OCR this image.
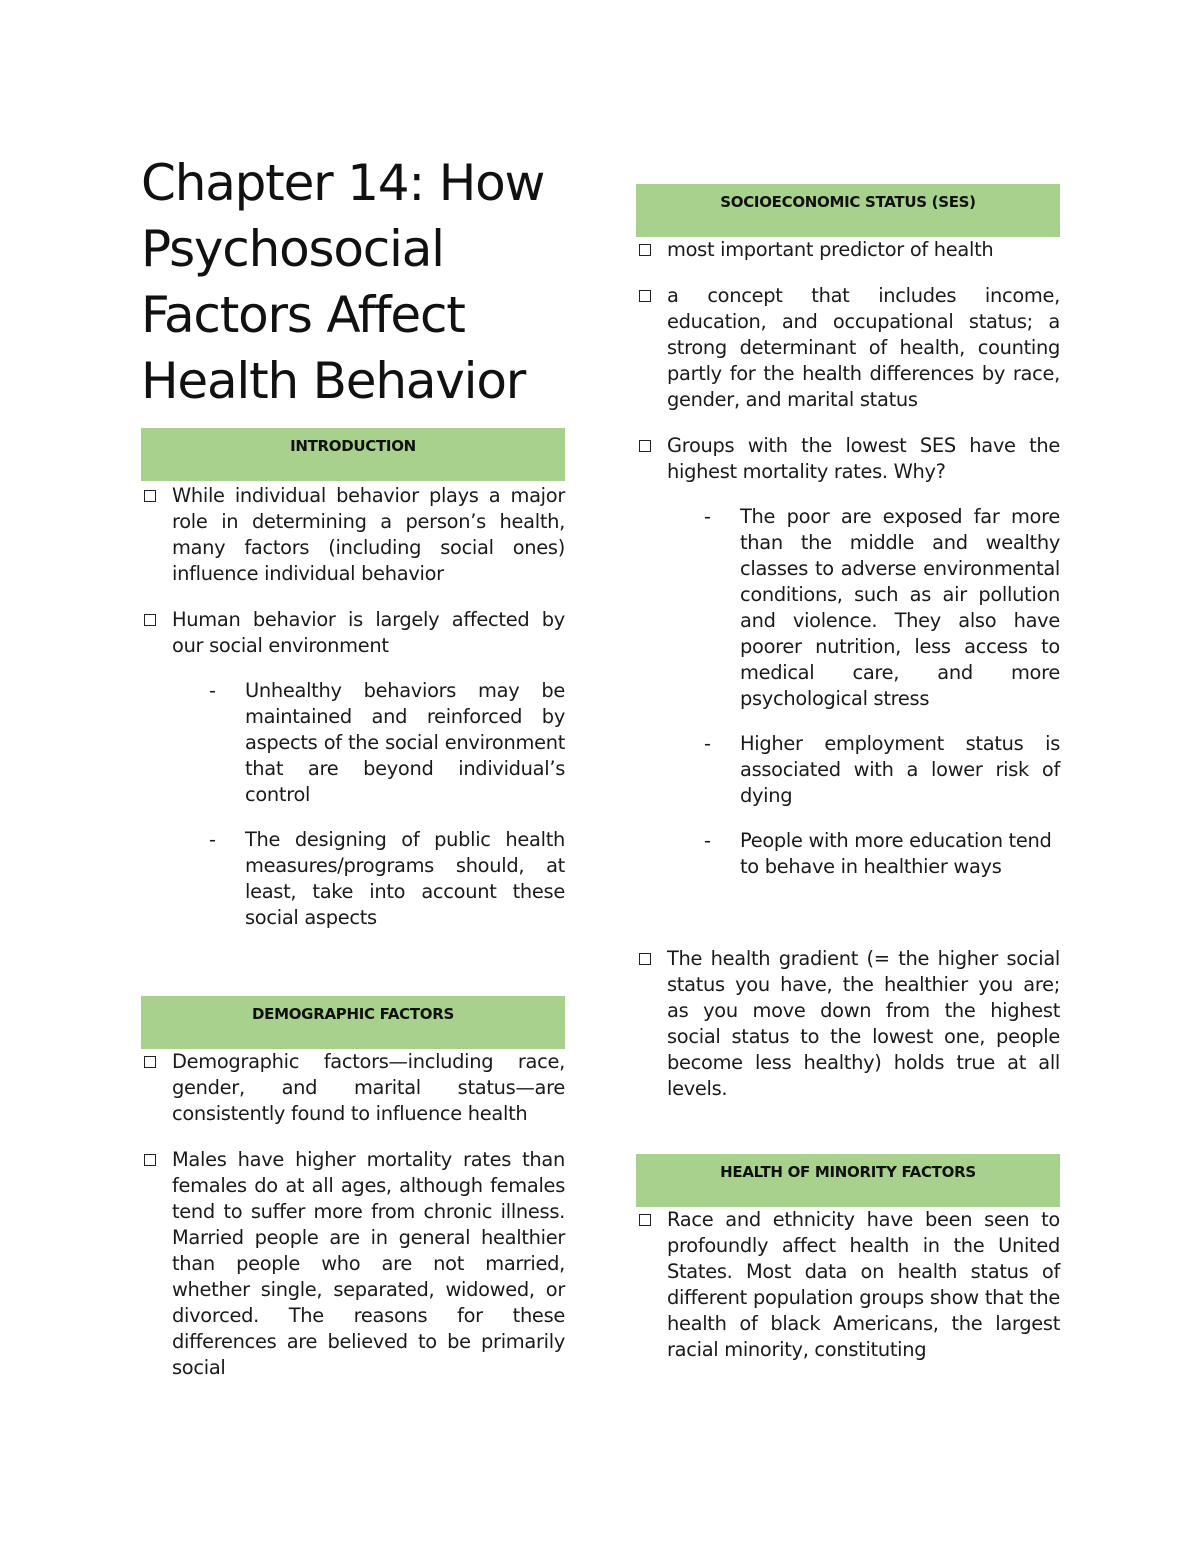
Chapter 14: How Psychosocial Factors Affect Health Behavior
INTRODUCTION
While individual behavior plays a major role in determining a person’s health, many factors (including social ones) influence individual behavior
Human behavior is largely affected by our social environment
-	Unhealthy behaviors may be maintained and reinforced by aspects of the social environment that are beyond individual’s control
-	The designing of public health measures/programs should, at least, take into account these social aspects
DEMOGRAPHIC FACTORS
Demographic factors—including race, gender, and marital status—are consistently found to influence health
Males have higher mortality rates than females do at all ages, although females tend to suffer more from chronic illness. Married people are in general healthier than people who are not married, whether single, separated, widowed, or divorced. The reasons for these differences are believed to be primarily social
SOCIOECONOMIC STATUS (SES)
most important predictor of health
a concept that includes income, education, and occupational status; a strong determinant of health, counting partly for the health differences by race, gender, and marital status
Groups with the lowest SES have the highest mortality rates. Why?
-	The poor are exposed far more than the middle and wealthy classes to adverse environmental conditions, such as air pollution and violence. They also have poorer nutrition, less access to medical care, and more psychological stress
-	Higher employment status is associated with a lower risk of dying
-	People with more education tend to behave in healthier ways
The health gradient (= the higher social status you have, the healthier you are; as you move down from the highest social status to the lowest one, people become less healthy) holds true at all levels.
HEALTH OF MINORITY FACTORS
Race and ethnicity have been seen to profoundly affect health in the United States. Most data on health status of different population groups show that the health of black Americans, the largest racial minority, constituting
